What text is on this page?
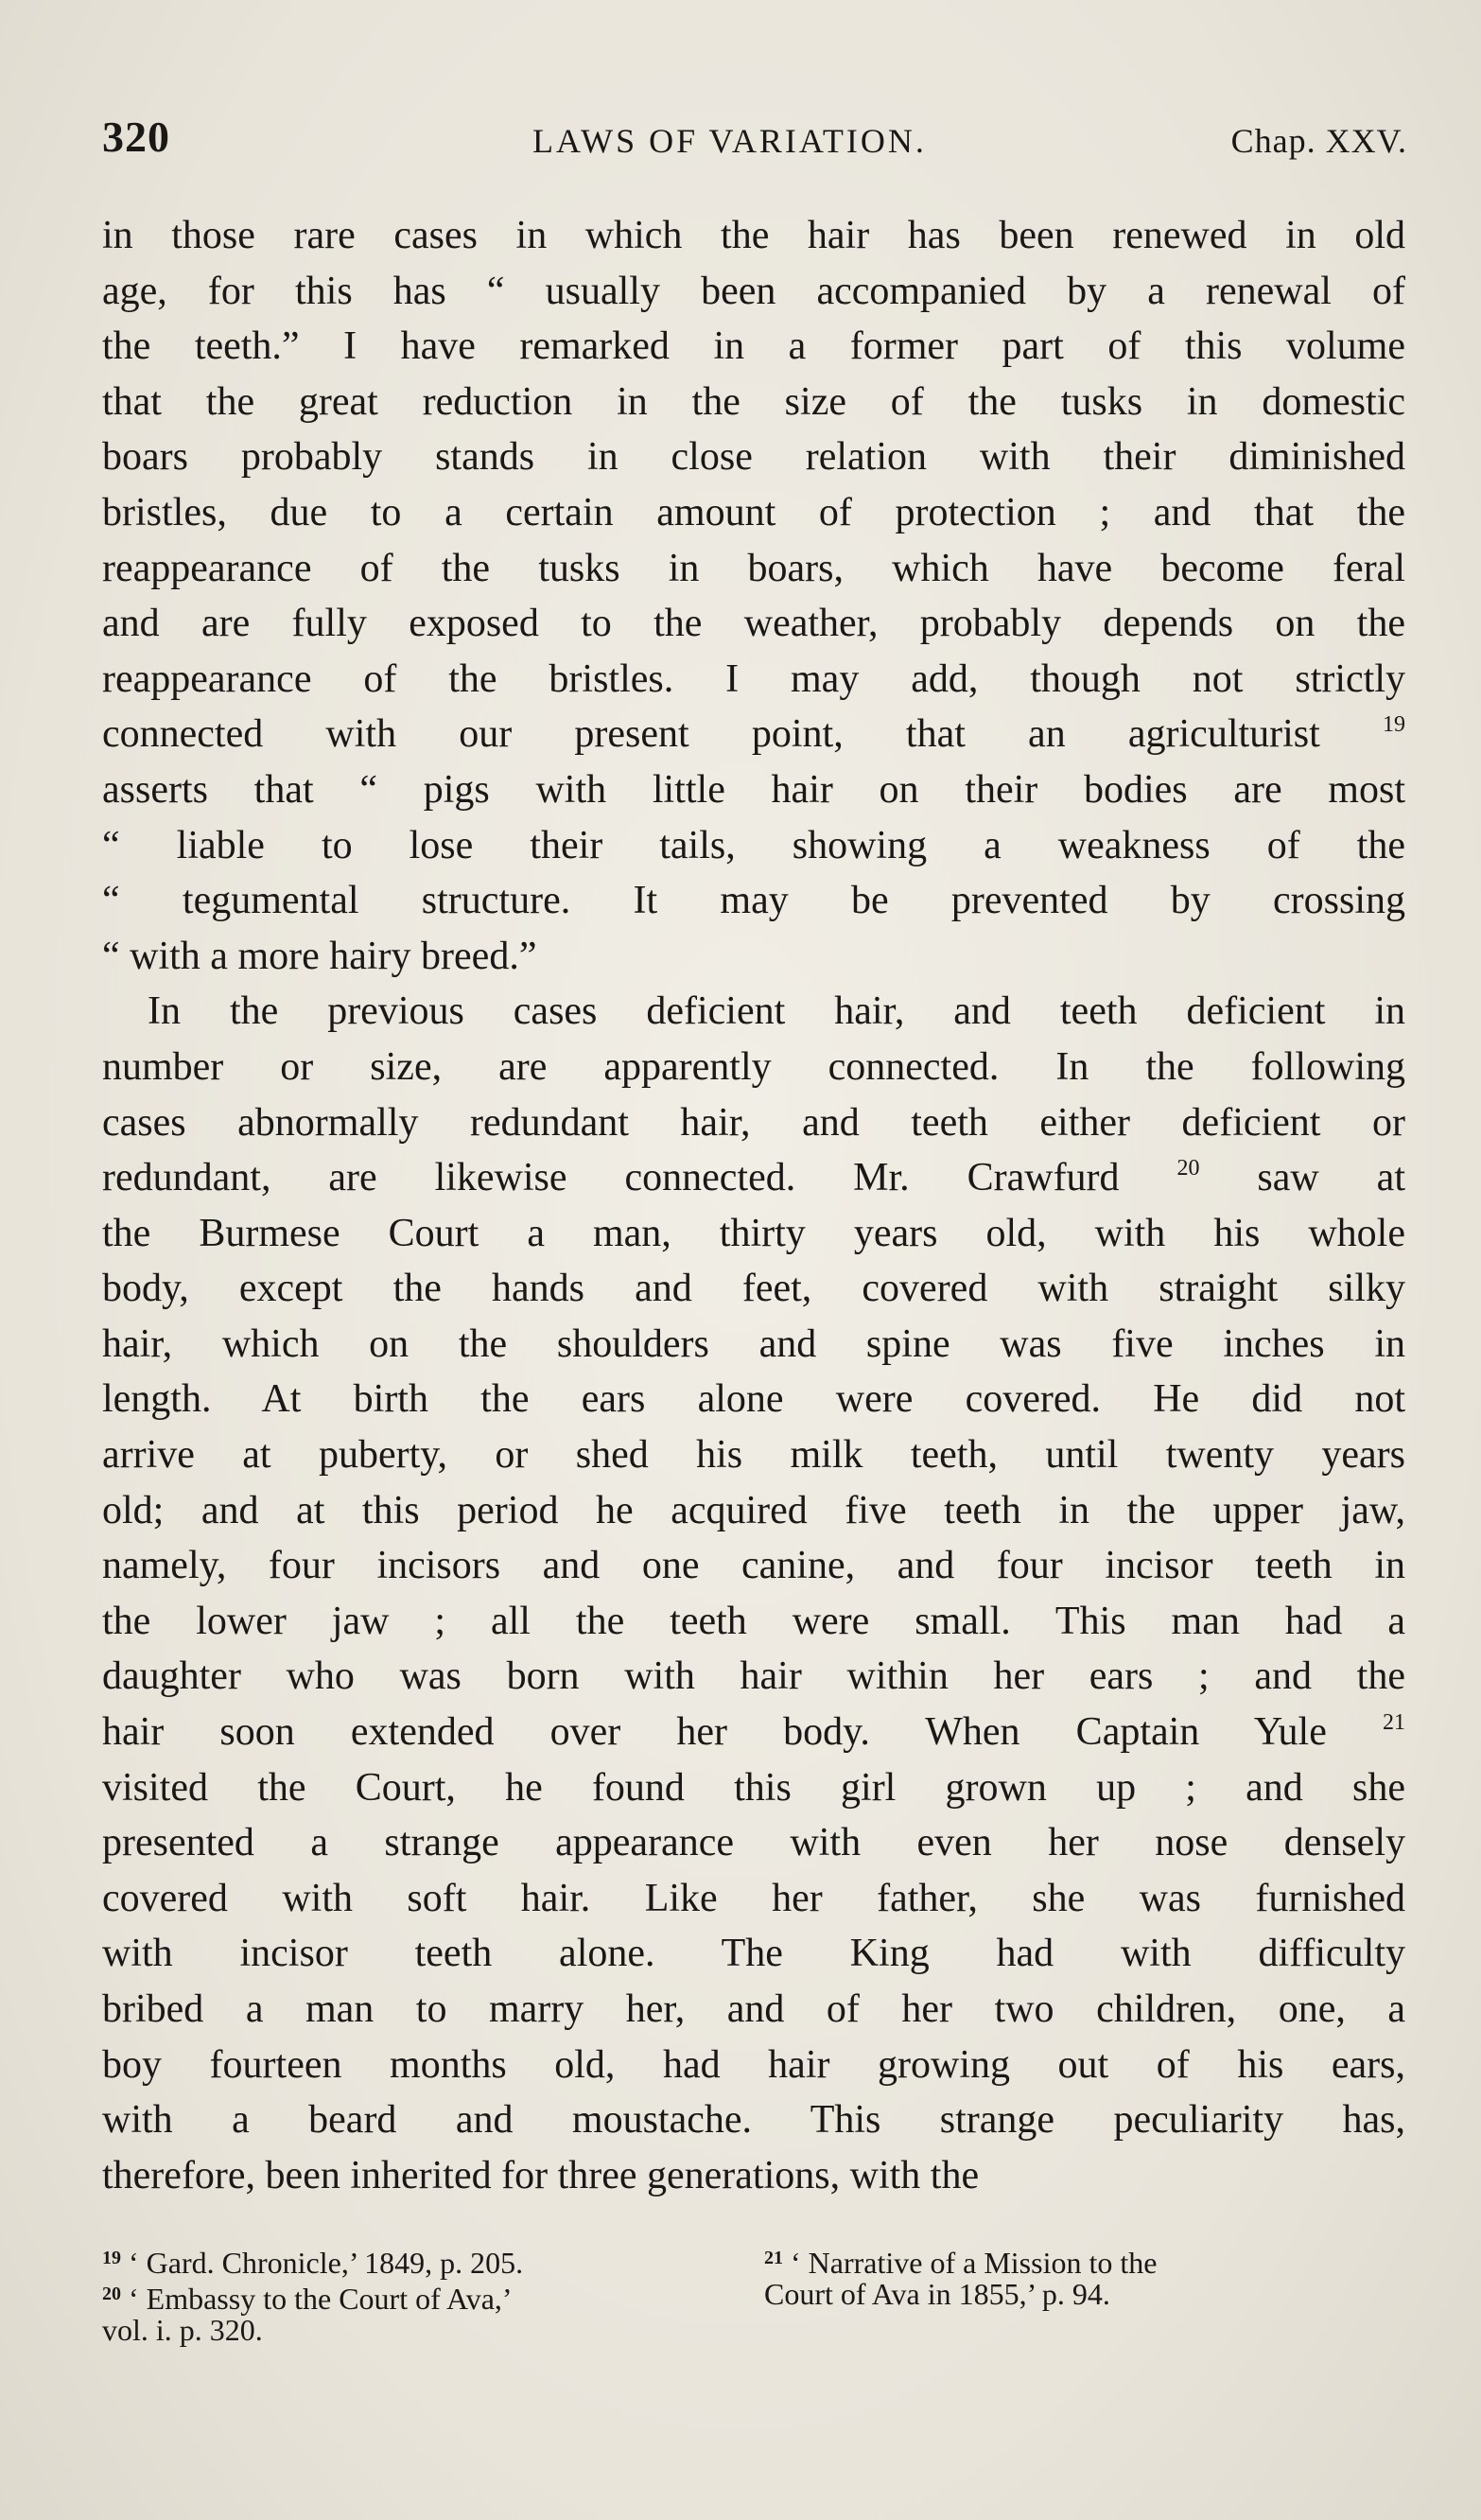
320	LAWS OF VARIATION.	Chap. XXV.
in those rare cases in which the hair has been renewed in old
age, for this has “ usually been accompanied by a renewal of
the teeth.” I have remarked in a former part of this volume
that the great reduction in the size of the tusks in domestic
boars probably stands in close relation with their diminished
bristles, due to a certain amount of protection ; and that the
reappearance of the tusks in boars, which have become feral
and are fully exposed to the weather, probably depends on the
reappearance of the bristles. I may add, though not strictly
connected with our present point, that an agriculturist	$^{19}$
asserts that “ pigs with little hair on their bodies are most
“ liable to lose their tails, showing a weakness of the
“ tegumental structure. It may be prevented by crossing
“ with a more hairy breed.”
In the previous cases deficient hair, and teeth deficient in
number or size, are apparently connected. In the following
cases abnormally redundant hair, and teeth either deficient or
redundant, are likewise connected. Mr. Crawfurd	$^{20}$ saw at
the Burmese Court a man, thirty years old, with his whole
body, except the hands and feet, covered with straight silky
hair, which on the shoulders and spine was five inches in
length. At birth the ears alone were covered. He did not
arrive at puberty, or shed his milk teeth, until twenty years
old; and at this period he acquired five teeth in the upper jaw,
namely, four incisors and one canine, and four incisor teeth in
the lower jaw ; all the teeth were small. This man had a
daughter who was born with hair within her ears ; and the
hair soon extended over her body. When Captain Yule $^{21}$
visited the Court, he found this girl grown up ; and she
presented a strange appearance with even her nose densely
covered with soft hair. Like her father, she was furnished
with incisor teeth alone. The King had with difficulty
bribed a man to marry her, and of her two children, one, a
boy fourteen months old, had hair growing out of his ears,
with a beard and moustache. This strange peculiarity has,
therefore, been inherited for three generations, with the
$^{19}$ ‘ Gard. Chronicle,’ 1849, p. 205.
$^{20}$ ‘ Embassy to the Court of Ava,’
vol. i. p. 320.
$^{21}$ ‘ Narrative of a Mission to the
Court of Ava in 1855,’ p. 94.
